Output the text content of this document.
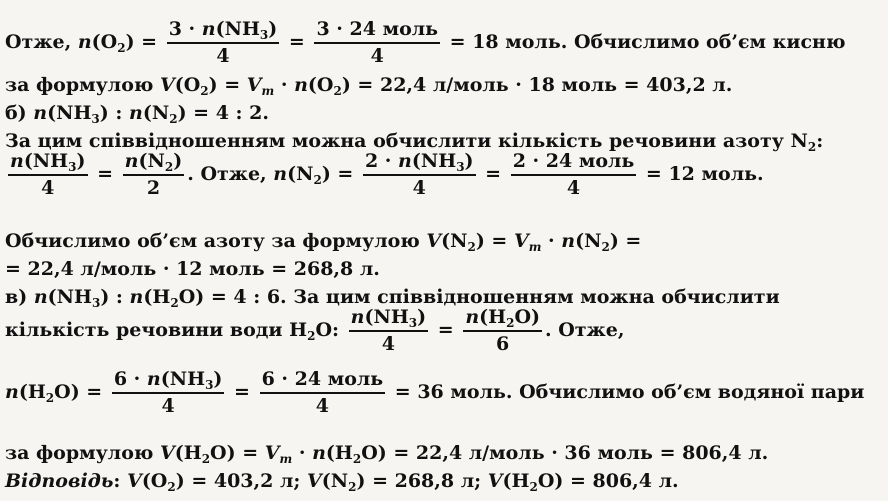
Отже, $n(O_2) = \frac{3 \cdot n(NH_3)}{4} = \frac{\text{3 · 24 моль}}{4} = 18$ моль. Обчислимо об’єм кисню
за формулою $V(O_2) = V_m \cdot n(O_2) = 22,4$ л/моль · 18 моль = 403,2 л.
б) $n(NH_3)$ : $n(N_2) = 4$ : 2.
За цим співвідношенням можна обчислити кількість речовини азоту $N_2$:
$\frac{n(NH_3)}{4} = \frac{n(N_2)}{2}$ . Отже, $n(N_2) = \frac{2 \cdot n(NH_3)}{4} = \frac{\text{2 · 24 моль}}{4} = 12$ моль.
Обчислимо об’єм азоту за формулою $V(N_2) = V_m \cdot n(N_2)$ =
= 22,4 л/моль · 12 моль = 268,8 л.
в) $n(NH_3)$ : $n(H_2O) = 4$ : 6. За цим співвідношенням можна обчислити
кількість речовини води $H_2O$: $\frac{n(NH_3)}{4} = \frac{n(H_2O)}{6}$ . Отже,
$n(H_2O) = \frac{6 \cdot n(NH_3)}{4} = \frac{\text{6 · 24 моль}}{4} = 36$ моль. Обчислимо об’єм водяної пари
за формулою $V(H_2O) = V_m \cdot n(H_2O) = 22,4$ л/моль · 36 моль = 806,4 л.
Відповідь: $V(O_2) = 403,2$ л; $V(N_2) = 268,8$ л; $V(H_2O) = 806,4$ л.
